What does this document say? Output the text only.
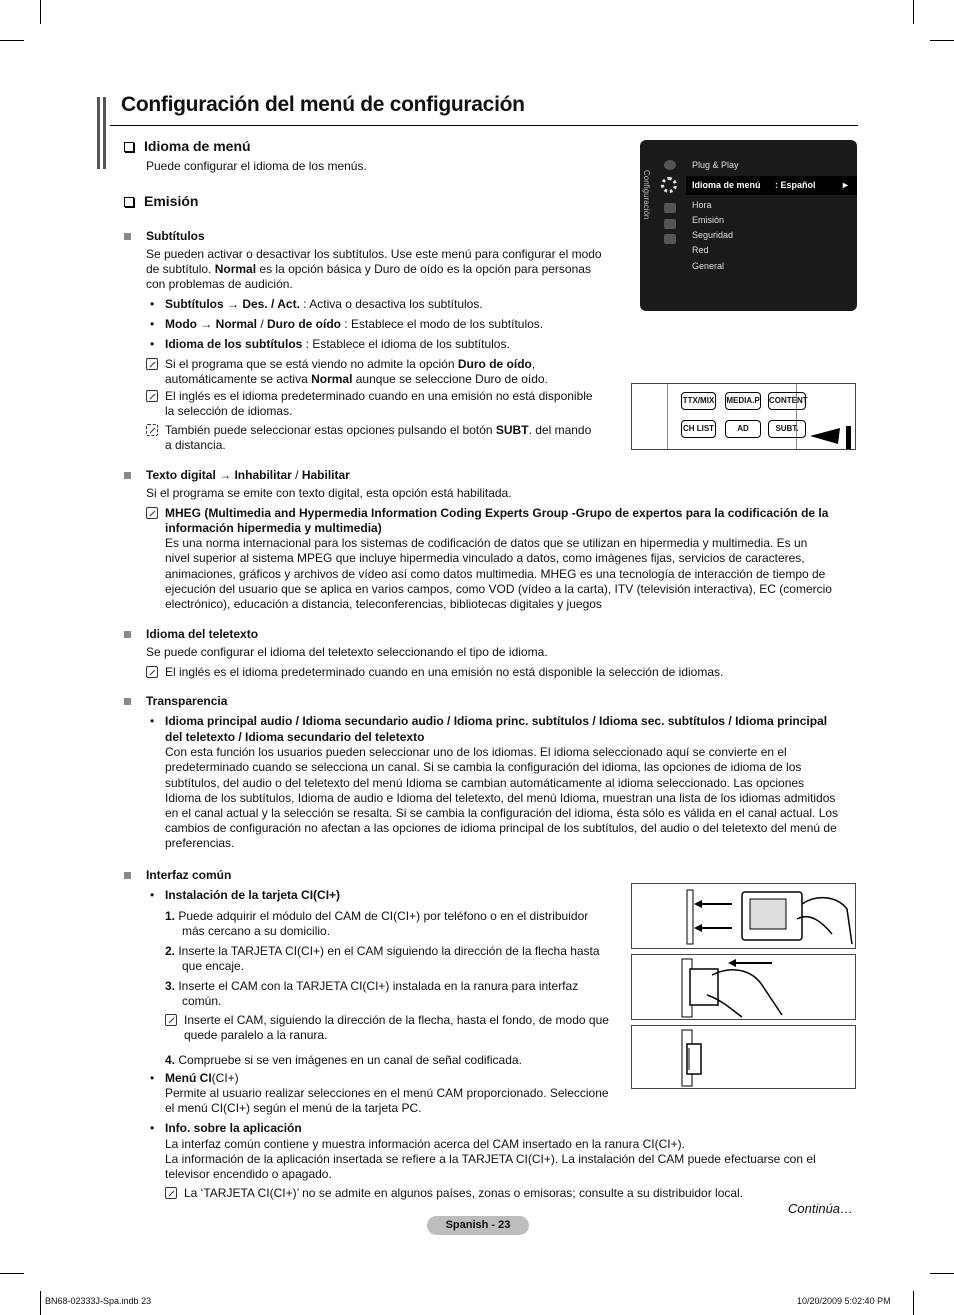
Configuración del menú de configuración
Idioma de menú
Puede configurar el idioma de los menús.
Emisión
Subtítulos
Se pueden activar o desactivar los subtítulos. Use este menú para configurar el modo
de subtítulo. Normal es la opción básica y Duro de oído es la opción para personas
con problemas de audición.
• Subtítulos → Des. / Act. : Activa o desactiva los subtítulos.
• Modo → Normal / Duro de oído : Establece el modo de los subtítulos.
• Idioma de los subtítulos : Establece el idioma de los subtítulos.
Si el programa que se está viendo no admite la opción Duro de oído,
automáticamente se activa Normal aunque se seleccione Duro de oído.
El inglés es el idioma predeterminado cuando en una emisión no está disponible
la selección de idiomas.
También puede seleccionar estas opciones pulsando el botón SUBT. del mando
a distancia.
Configuración
Plug & Play
Idioma de menú : Español	►
Hora
Emisión
Seguridad
Red
General
TTX/MIX MEDIA.P CONTENT
CH LIST	AD	SUBT.
Texto digital → Inhabilitar / Habilitar
Si el programa se emite con texto digital, esta opción está habilitada.
MHEG (Multimedia and Hypermedia Information Coding Experts Group -Grupo de expertos para la codificación de la
información hipermedia y multimedia)
Es una norma internacional para los sistemas de codificación de datos que se utilizan en hipermedia y multimedia. Es un
nivel superior al sistema MPEG que incluye hipermedia vinculado a datos, como imágenes fijas, servicios de caracteres,
animaciones, gráficos y archivos de vídeo así como datos multimedia. MHEG es una tecnología de interacción de tiempo de
ejecución del usuario que se aplica en varios campos, como VOD (vídeo a la carta), ITV (televisión interactiva), EC (comercio
electrónico), educación a distancia, teleconferencias, bibliotecas digitales y juegos
Idioma del teletexto
Se puede configurar el idioma del teletexto seleccionando el tipo de idioma.
El inglés es el idioma predeterminado cuando en una emisión no está disponible la selección de idiomas.
Transparencia
• Idioma principal audio / Idioma secundario audio / Idioma princ. subtítulos / Idioma sec. subtítulos / Idioma principal
del teletexto / Idioma secundario del teletexto
Con esta función los usuarios pueden seleccionar uno de los idiomas. El idioma seleccionado aquí se convierte en el
predeterminado cuando se selecciona un canal. Si se cambia la configuración del idioma, las opciones de idioma de los
subtítulos, del audio o del teletexto del menú Idioma se cambian automáticamente al idioma seleccionado. Las opciones
Idioma de los subtítulos, Idioma de audio e Idioma del teletexto, del menú Idioma, muestran una lista de los idiomas admitidos
en el canal actual y la selección se resalta. Si se cambia la configuración del idioma, ésta sólo es válida en el canal actual. Los
cambios de configuración no afectan a las opciones de idioma principal de los subtítulos, del audio o del teletexto del menú de
preferencias.
Interfaz común
• Instalación de la tarjeta CI(CI+)
1. Puede adquirir el módulo del CAM de CI(CI+) por teléfono o en el distribuidor
más cercano a su domicilio.
2. Inserte la TARJETA CI(CI+) en el CAM siguiendo la dirección de la flecha hasta
que encaje.
3. Inserte el CAM con la TARJETA CI(CI+) instalada en la ranura para interfaz
común.
Inserte el CAM, siguiendo la dirección de la flecha, hasta el fondo, de modo que
quede paralelo a la ranura.
4. Compruebe si se ven imágenes en un canal de señal codificada.
• Menú CI(CI+)
Permite al usuario realizar selecciones en el menú CAM proporcionado. Seleccione
el menú CI(CI+) según el menú de la tarjeta PC.
• Info. sobre la aplicación
La interfaz común contiene y muestra información acerca del CAM insertado en la ranura CI(CI+).
La información de la aplicación insertada se refiere a la TARJETA CI(CI+). La instalación del CAM puede efectuarse con el
televisor encendido o apagado.
La ‘TARJETA CI(CI+)’ no se admite en algunos países, zonas o emisoras; consulte a su distribuidor local.
Continúa…
Spanish - 23
BN68-02333J-Spa.indb 23	10/20/2009 5:02:40 PM
